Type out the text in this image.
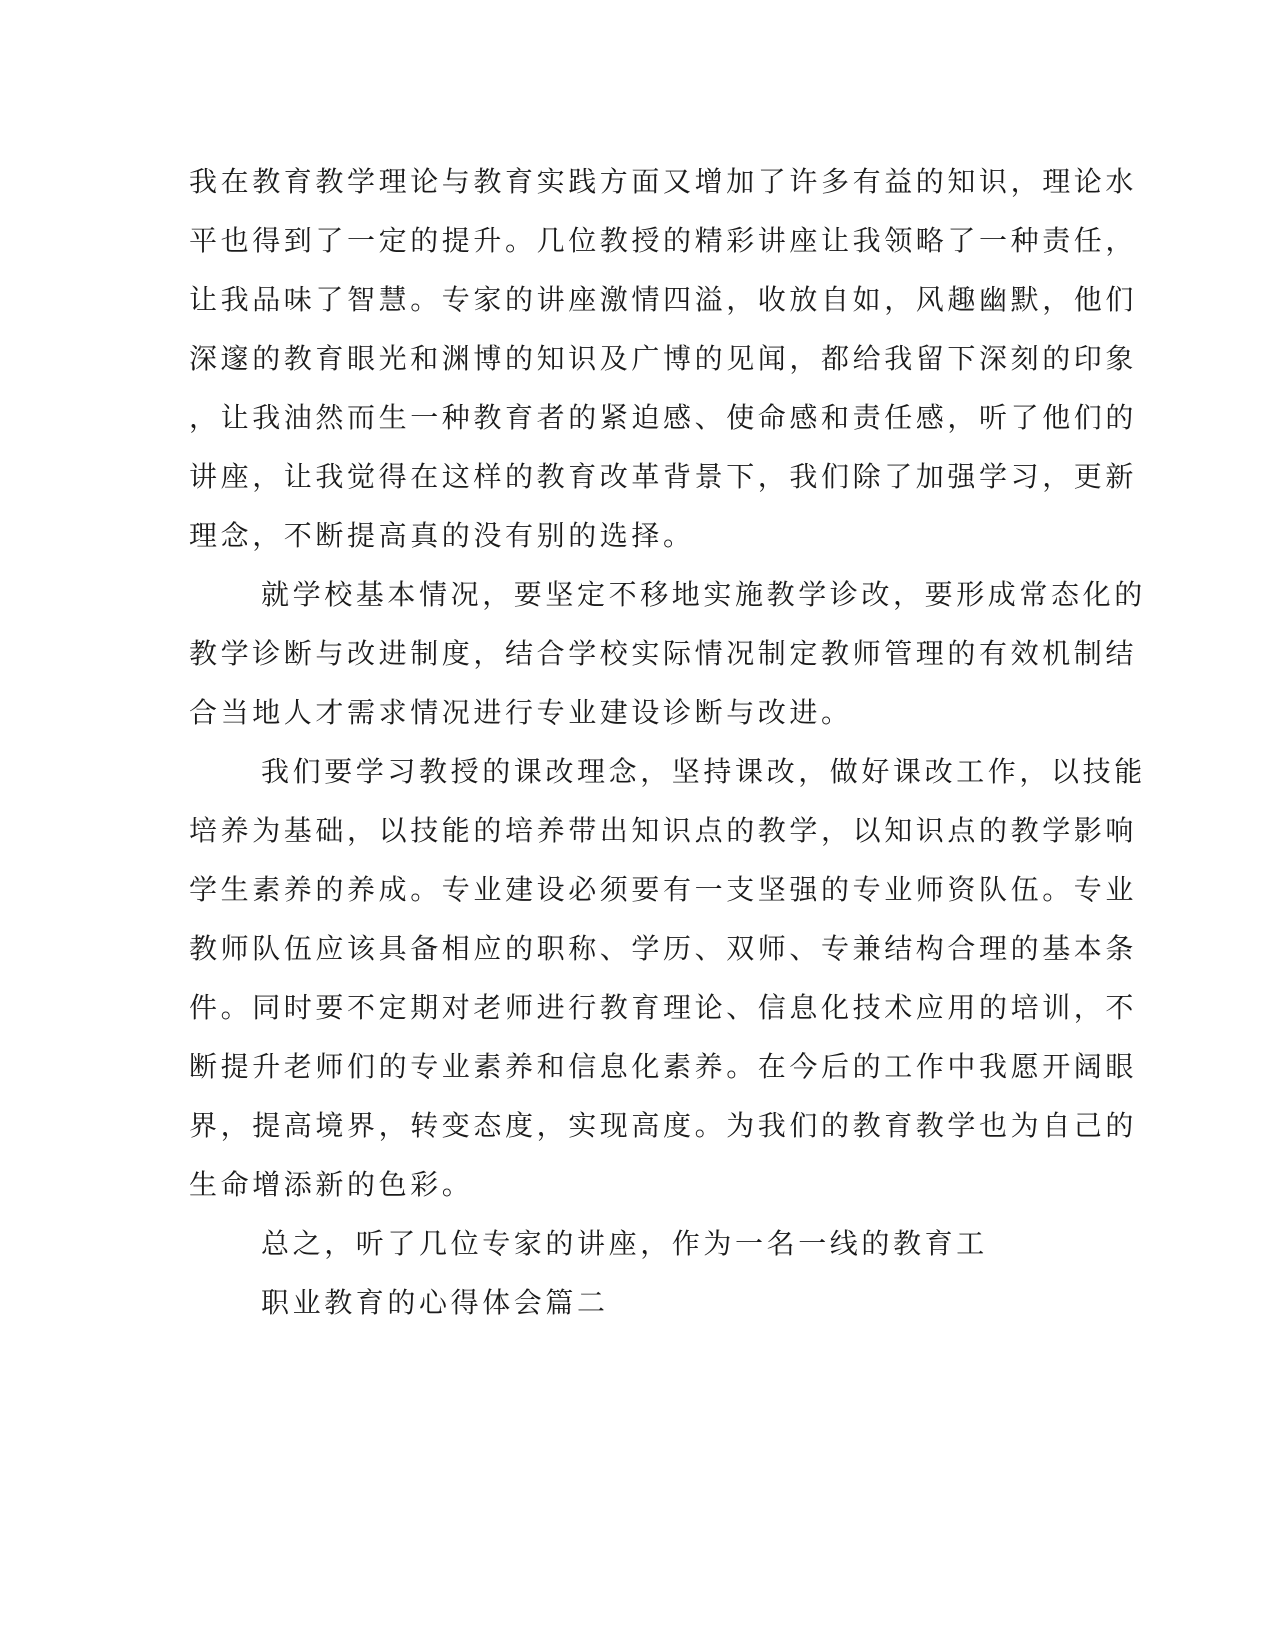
我在教育教学理论与教育实践方面又增加了许多有益的知识，理论水

平也得到了一定的提升。几位教授的精彩讲座让我领略了一种责任，

让我品味了智慧。专家的讲座激情四溢，收放自如，风趣幽默，他们

深邃的教育眼光和渊博的知识及广博的见闻，都给我留下深刻的印象

，让我油然而生一种教育者的紧迫感、使命感和责任感，听了他们的

讲座，让我觉得在这样的教育改革背景下，我们除了加强学习，更新

理念，不断提高真的没有别的选择。

就学校基本情况，要坚定不移地实施教学诊改，要形成常态化的

教学诊断与改进制度，结合学校实际情况制定教师管理的有效机制结

合当地人才需求情况进行专业建设诊断与改进。

我们要学习教授的课改理念，坚持课改，做好课改工作，以技能

培养为基础，以技能的培养带出知识点的教学，以知识点的教学影响

学生素养的养成。专业建设必须要有一支坚强的专业师资队伍。专业

教师队伍应该具备相应的职称、学历、双师、专兼结构合理的基本条

件。同时要不定期对老师进行教育理论、信息化技术应用的培训，不

断提升老师们的专业素养和信息化素养。在今后的工作中我愿开阔眼

界，提高境界，转变态度，实现高度。为我们的教育教学也为自己的

生命增添新的色彩。

总之，听了几位专家的讲座，作为一名一线的教育工

职业教育的心得体会篇二
